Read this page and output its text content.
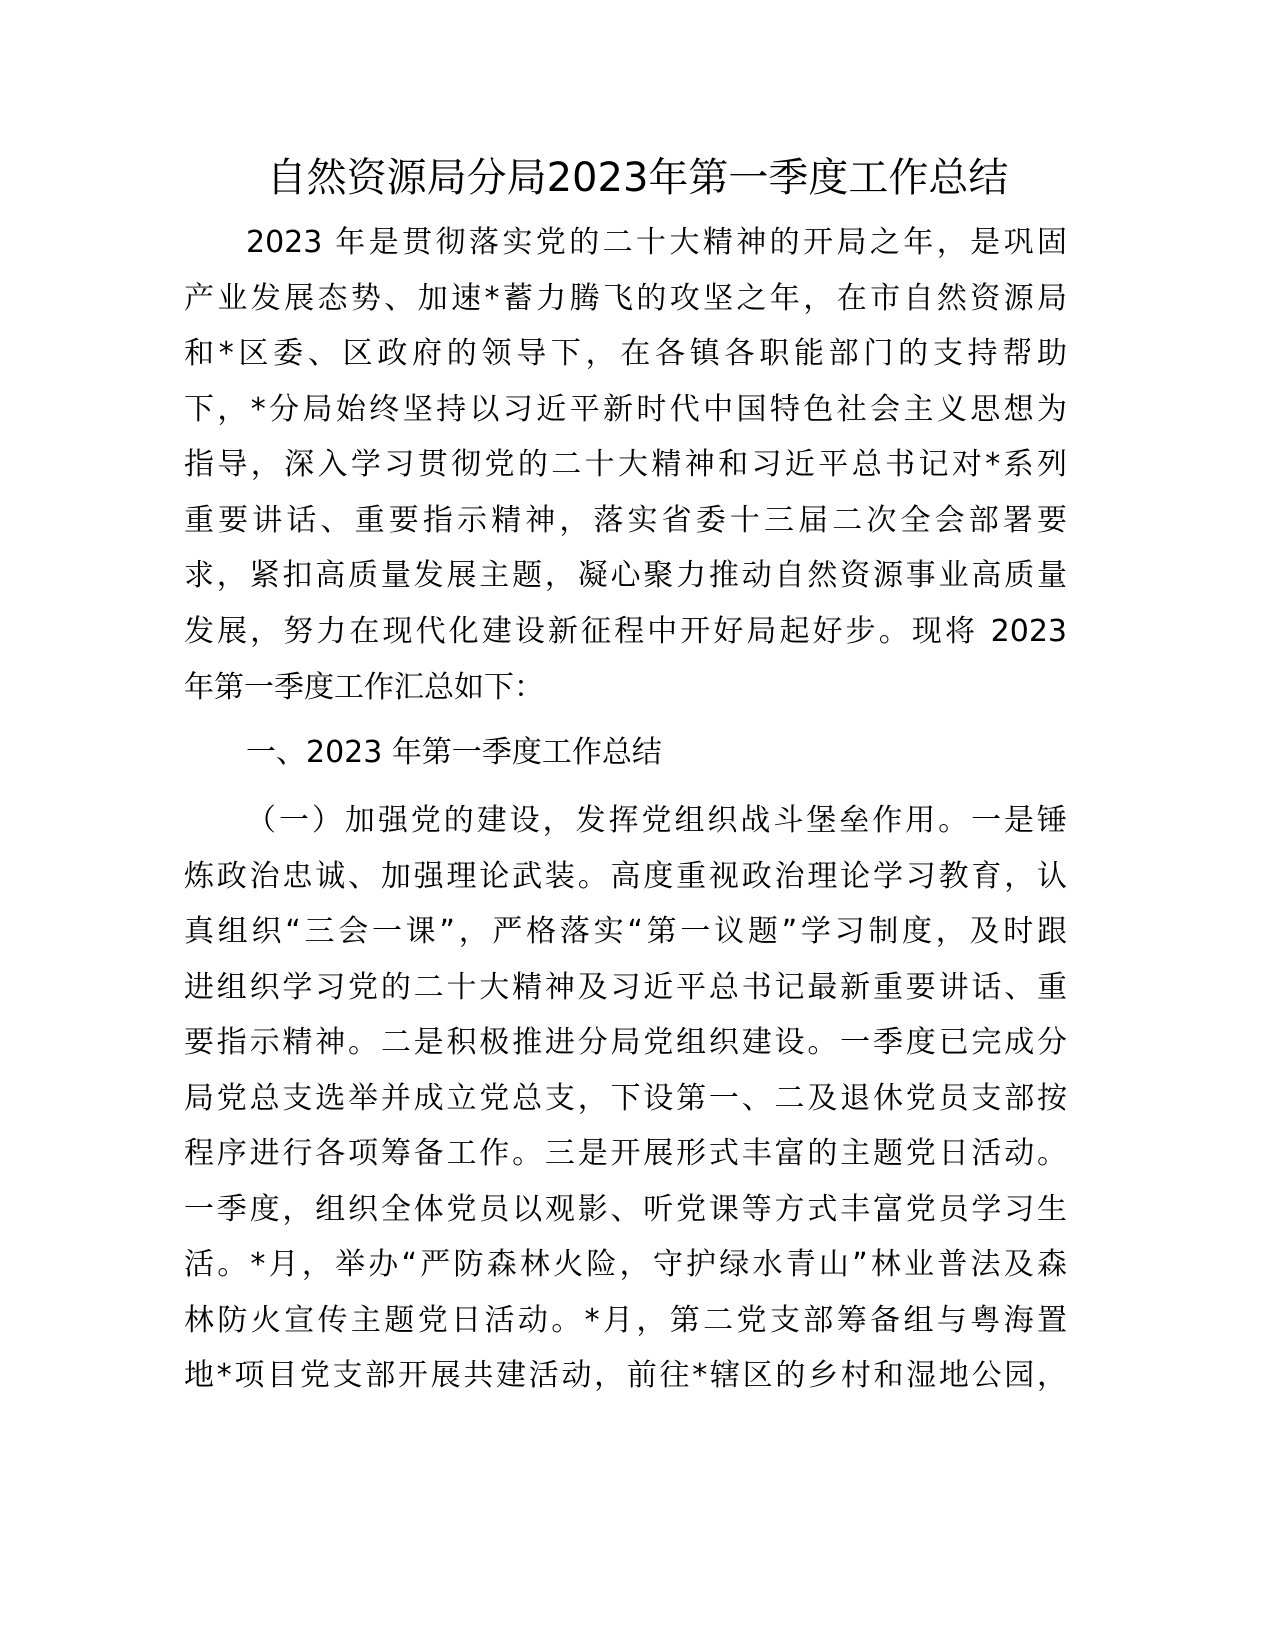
自然资源局分局2023年第一季度工作总结
2023 年是贯彻落实党的二十大精神的开局之年，是巩固
产业发展态势、加速*蓄力腾飞的攻坚之年，在市自然资源局
和*区委、区政府的领导下，在各镇各职能部门的支持帮助
下，*分局始终坚持以习近平新时代中国特色社会主义思想为
指导，深入学习贯彻党的二十大精神和习近平总书记对*系列
重要讲话、重要指示精神，落实省委十三届二次全会部署要
求，紧扣高质量发展主题，凝心聚力推动自然资源事业高质量
发展，努力在现代化建设新征程中开好局起好步。现将 2023
年第一季度工作汇总如下：
一、2023 年第一季度工作总结
（一）加强党的建设，发挥党组织战斗堡垒作用。一是锤
炼政治忠诚、加强理论武装。高度重视政治理论学习教育，认
真组织“三会一课”，严格落实“第一议题”学习制度，及时跟
进组织学习党的二十大精神及习近平总书记最新重要讲话、重
要指示精神。二是积极推进分局党组织建设。一季度已完成分
局党总支选举并成立党总支，下设第一、二及退休党员支部按
程序进行各项筹备工作。三是开展形式丰富的主题党日活动。
一季度，组织全体党员以观影、听党课等方式丰富党员学习生
活。*月，举办“严防森林火险，守护绿水青山”林业普法及森
林防火宣传主题党日活动。*月，第二党支部筹备组与粤海置
地*项目党支部开展共建活动，前往*辖区的乡村和湿地公园，
